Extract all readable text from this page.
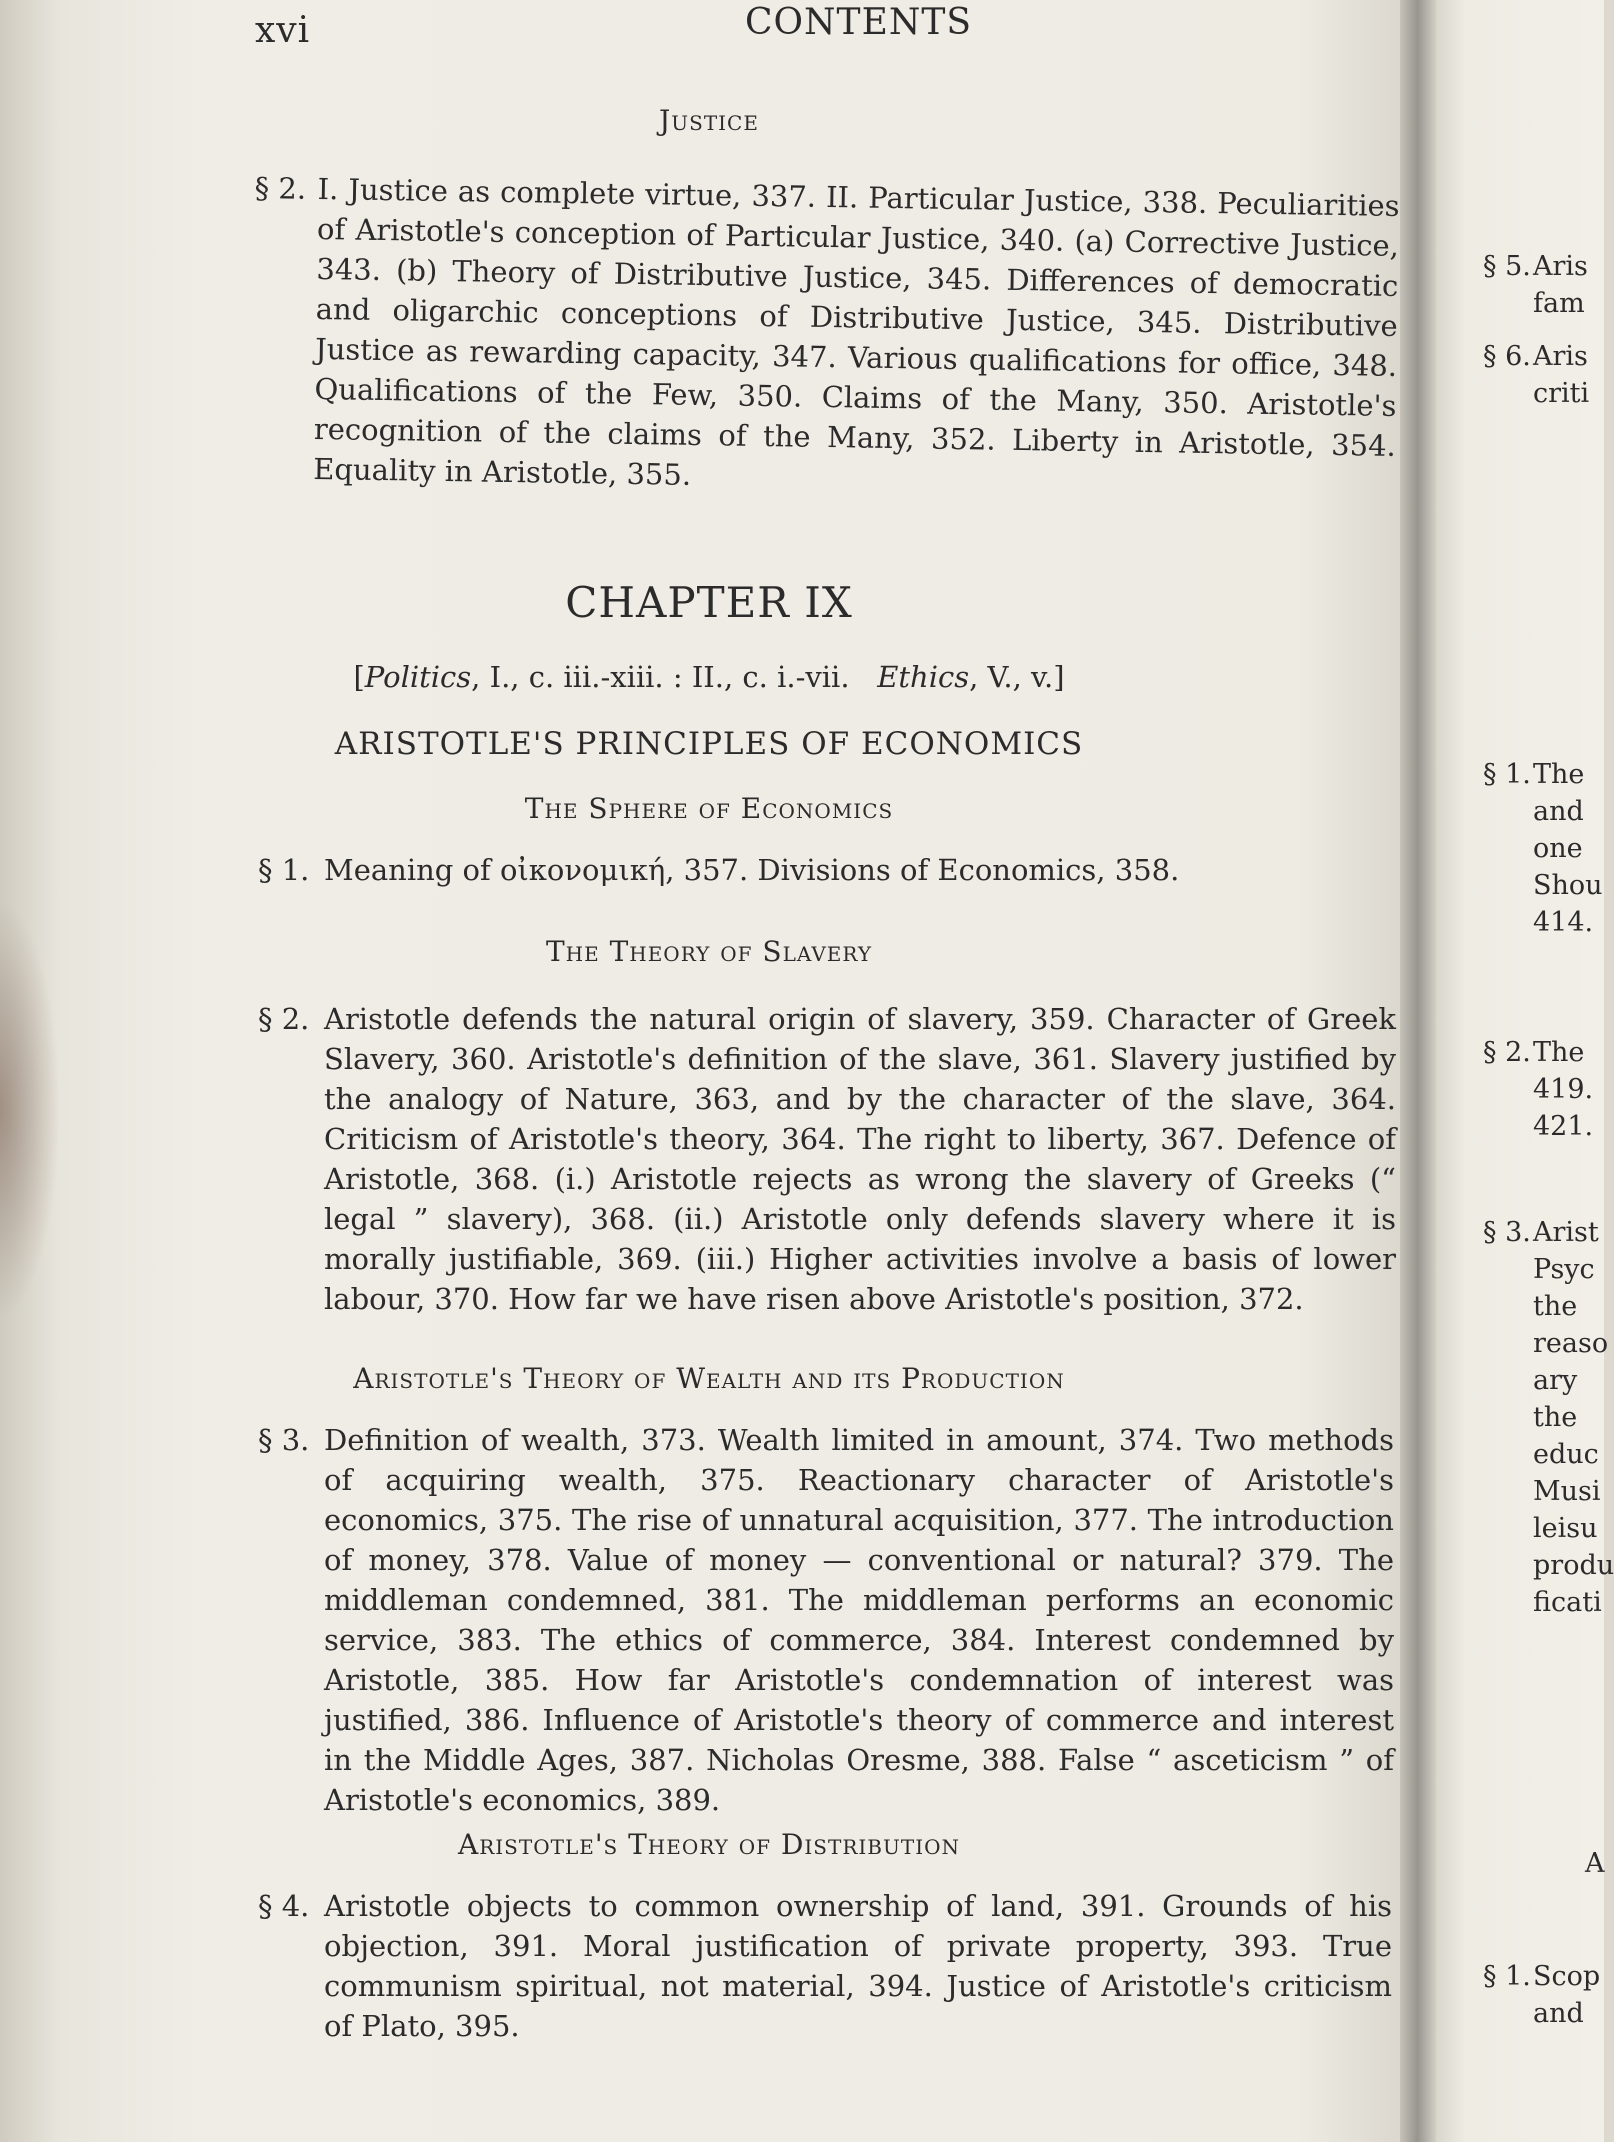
xvi	CONTENTS
Justice
§ 2. I. Justice as complete virtue, 337. II. Particular Justice, 338. Peculiarities of Aristotle's conception of Particular Justice, 340. (a) Corrective Justice, 343. (b) Theory of Distributive Justice, 345. Differences of democratic and oligarchic conceptions of Distributive Justice, 345. Distributive Justice as rewarding capacity, 347. Various qualifications for office, 348. Qualifications of the Few, 350. Claims of the Many, 350. Aristotle's recognition of the claims of the Many, 352. Liberty in Aristotle, 354. Equality in Aristotle, 355.
CHAPTER IX
[Politics, I., c. iii.-xiii. : II., c. i.-vii. Ethics, V., v.]
ARISTOTLE'S PRINCIPLES OF ECONOMICS
The Sphere of Economics
§ 1. Meaning of οἰκονομική, 357. Divisions of Economics, 358.
The Theory of Slavery
§ 2. Aristotle defends the natural origin of slavery, 359. Character of Greek Slavery, 360. Aristotle's definition of the slave, 361. Slavery justified by the analogy of Nature, 363, and by the character of the slave, 364. Criticism of Aristotle's theory, 364. The right to liberty, 367. Defence of Aristotle, 368. (i.) Aristotle rejects as wrong the slavery of Greeks (“ legal ” slavery), 368. (ii.) Aristotle only defends slavery where it is morally justifiable, 369. (iii.) Higher activities involve a basis of lower labour, 370. How far we have risen above Aristotle's position, 372.
Aristotle's Theory of Wealth and its Production
§ 3. Definition of wealth, 373. Wealth limited in amount, 374. Two methods of acquiring wealth, 375. Reactionary character of Aristotle's economics, 375. The rise of unnatural acquisition, 377. The introduction of money, 378. Value of money — conventional or natural? 379. The middleman condemned, 381. The middleman performs an economic service, 383. The ethics of commerce, 384. Interest condemned by Aristotle, 385. How far Aristotle's condemnation of interest was justified, 386. Influence of Aristotle's theory of commerce and interest in the Middle Ages, 387. Nicholas Oresme, 388. False “ asceticism ” of Aristotle's economics, 389.
Aristotle's Theory of Distribution
§ 4. Aristotle objects to common ownership of land, 391. Grounds of his objection, 391. Moral justification of private property, 393. True communism spiritual, not material, 394. Justice of Aristotle's criticism of Plato, 395.
§ 5. Aris
fam
§ 6. Aris
criti
§ 1. The
and
one
Shou
414.
§ 2. The
419.
421.
§ 3. Arist
Psyc
the
reaso
ary
the
educ
Musi
leisu
produ
ficati
A
§ 1. Scop
and
